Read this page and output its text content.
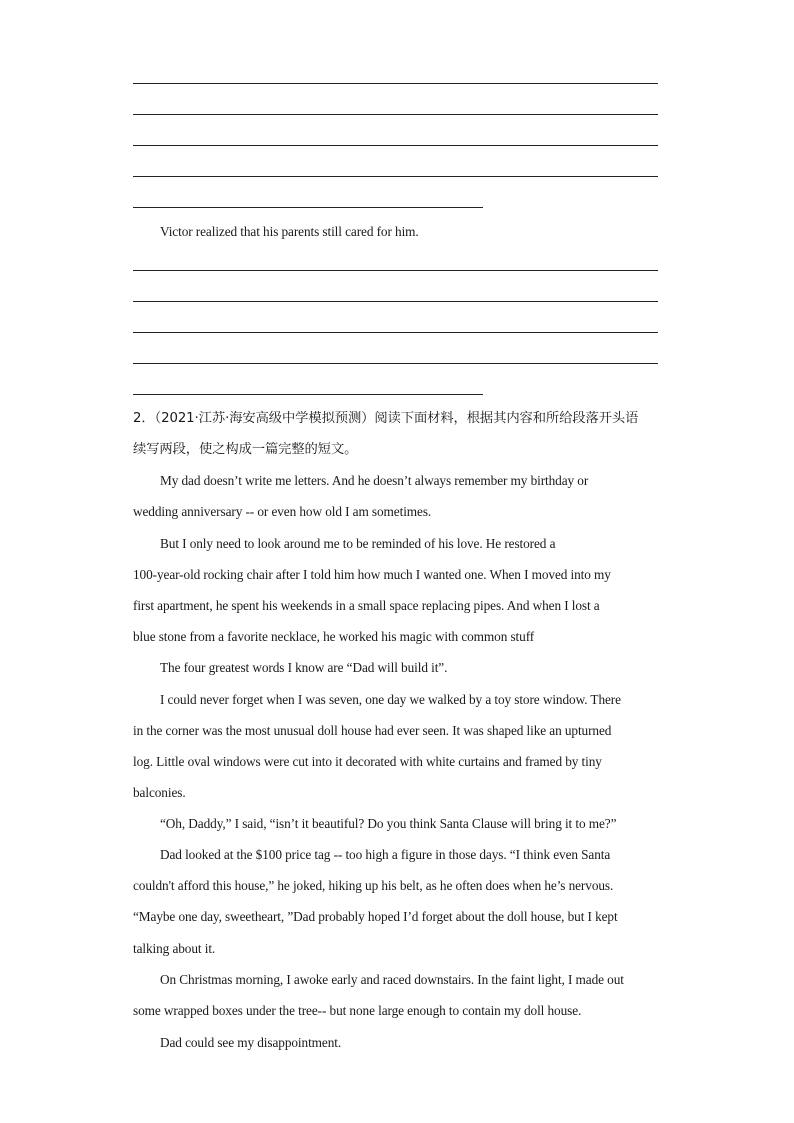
Victor realized that his parents still cared for him.
2．（2021·江苏·海安高级中学模拟预测）阅读下面材料，根据其内容和所给段落开头语
续写两段，使之构成一篇完整的短文。
My dad doesn’t write me letters. And he doesn’t always remember my birthday or
wedding anniversary -- or even how old I am sometimes.
But I only need to look around me to be reminded of his love. He restored a
100-year-old rocking chair after I told him how much I wanted one. When I moved into my
first apartment, he spent his weekends in a small space replacing pipes. And when I lost a
blue stone from a favorite necklace, he worked his magic with common stuff
The four greatest words I know are “Dad will build it”.
I could never forget when I was seven, one day we walked by a toy store window. There
in the corner was the most unusual doll house had ever seen. It was shaped like an upturned
log. Little oval windows were cut into it decorated with white curtains and framed by tiny
balconies.
“Oh, Daddy,” I said, “isn’t it beautiful? Do you think Santa Clause will bring it to me?”
Dad looked at the $100 price tag -- too high a figure in those days. “I think even Santa
couldn't afford this house,” he joked, hiking up his belt, as he often does when he’s nervous.
“Maybe one day, sweetheart, ”Dad probably hoped I’d forget about the doll house, but I kept
talking about it.
On Christmas morning, I awoke early and raced downstairs. In the faint light, I made out
some wrapped boxes under the tree-- but none large enough to contain my doll house.
Dad could see my disappointment.
